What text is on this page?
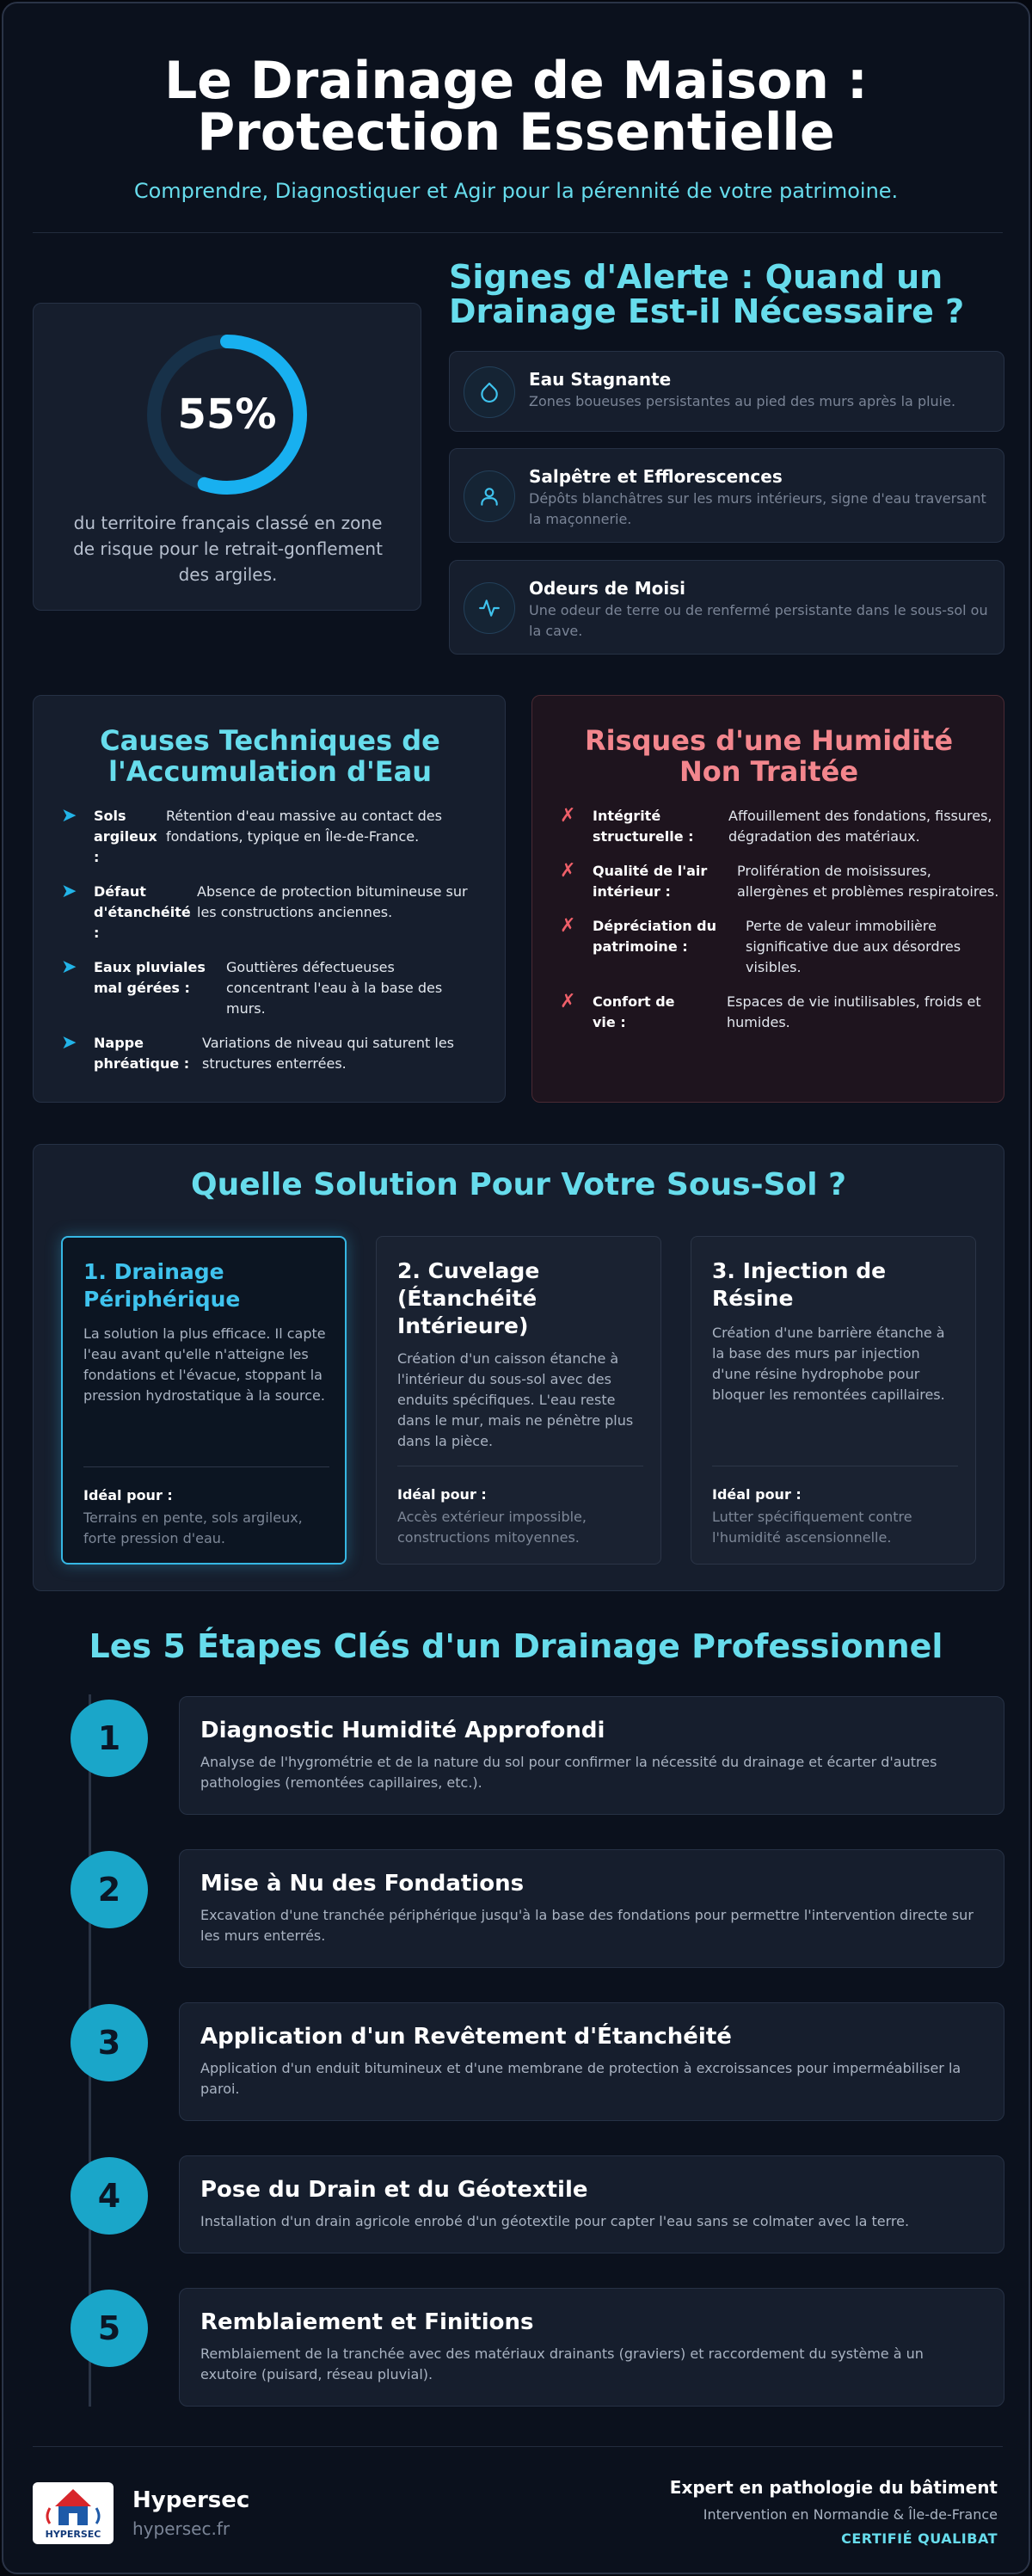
Le Drainage de Maison :
Protection Essentielle
Comprendre, Diagnostiquer et Agir pour la pérennité de votre patrimoine.
55%
du territoire français classé en zone de risque pour le retrait-gonflement des argiles.
Signes d'Alerte : Quand un Drainage Est-il Nécessaire ?
Eau Stagnante
Zones boueuses persistantes au pied des murs après la pluie.
Salpêtre et Efflorescences
Dépôts blanchâtres sur les murs intérieurs, signe d'eau traversant la maçonnerie.
Odeurs de Moisi
Une odeur de terre ou de renfermé persistante dans le sous-sol ou la cave.
Causes Techniques de l'Accumulation d'Eau
➤ Sols argileux :
Rétention d'eau massive au contact des fondations, typique en Île-de-France.
➤ Défaut d'étanchéité :
Absence de protection bitumineuse sur les constructions anciennes.
➤ Eaux pluviales mal gérées :
Gouttières défectueuses concentrant l'eau à la base des murs.
➤ Nappe phréatique :
Variations de niveau qui saturent les structures enterrées.
Risques d'une Humidité Non Traitée
✗ Intégrité structurelle :
Affouillement des fondations, fissures, dégradation des matériaux.
✗ Qualité de l'air intérieur :
Prolifération de moisissures, allergènes et problèmes respiratoires.
✗ Dépréciation du patrimoine :
Perte de valeur immobilière significative due aux désordres visibles.
✗ Confort de vie :
Espaces de vie inutilisables, froids et humides.
Quelle Solution Pour Votre Sous-Sol ?
1. Drainage Périphérique
La solution la plus efficace. Il capte l'eau avant qu'elle n'atteigne les fondations et l'évacue, stoppant la pression hydrostatique à la source.
Idéal pour :
Terrains en pente, sols argileux, forte pression d'eau.
2. Cuvelage (Étanchéité Intérieure)
Création d'un caisson étanche à l'intérieur du sous-sol avec des enduits spécifiques. L'eau reste dans le mur, mais ne pénètre plus dans la pièce.
Idéal pour :
Accès extérieur impossible, constructions mitoyennes.
3. Injection de Résine
Création d'une barrière étanche à la base des murs par injection d'une résine hydrophobe pour bloquer les remontées capillaires.
Idéal pour :
Lutter spécifiquement contre l'humidité ascensionnelle.
Les 5 Étapes Clés d'un Drainage Professionnel
1	Diagnostic Humidité Approfondi
Analyse de l'hygrométrie et de la nature du sol pour confirmer la nécessité du drainage et écarter d'autres pathologies (remontées capillaires, etc.).
2	Mise à Nu des Fondations
Excavation d'une tranchée périphérique jusqu'à la base des fondations pour permettre l'intervention directe sur les murs enterrés.
3	Application d'un Revêtement d'Étanchéité
Application d'un enduit bitumineux et d'une membrane de protection à excroissances pour imperméabiliser la paroi.
4	Pose du Drain et du Géotextile
Installation d'un drain agricole enrobé d'un géotextile pour capter l'eau sans se colmater avec la terre.
5	Remblaiement et Finitions
Remblaiement de la tranchée avec des matériaux drainants (graviers) et raccordement du système à un exutoire (puisard, réseau pluvial).
HYPERSEC
Hypersec
hypersec.fr
Expert en pathologie du bâtiment
Intervention en Normandie & Île-de-France
CERTIFIÉ QUALIBAT
